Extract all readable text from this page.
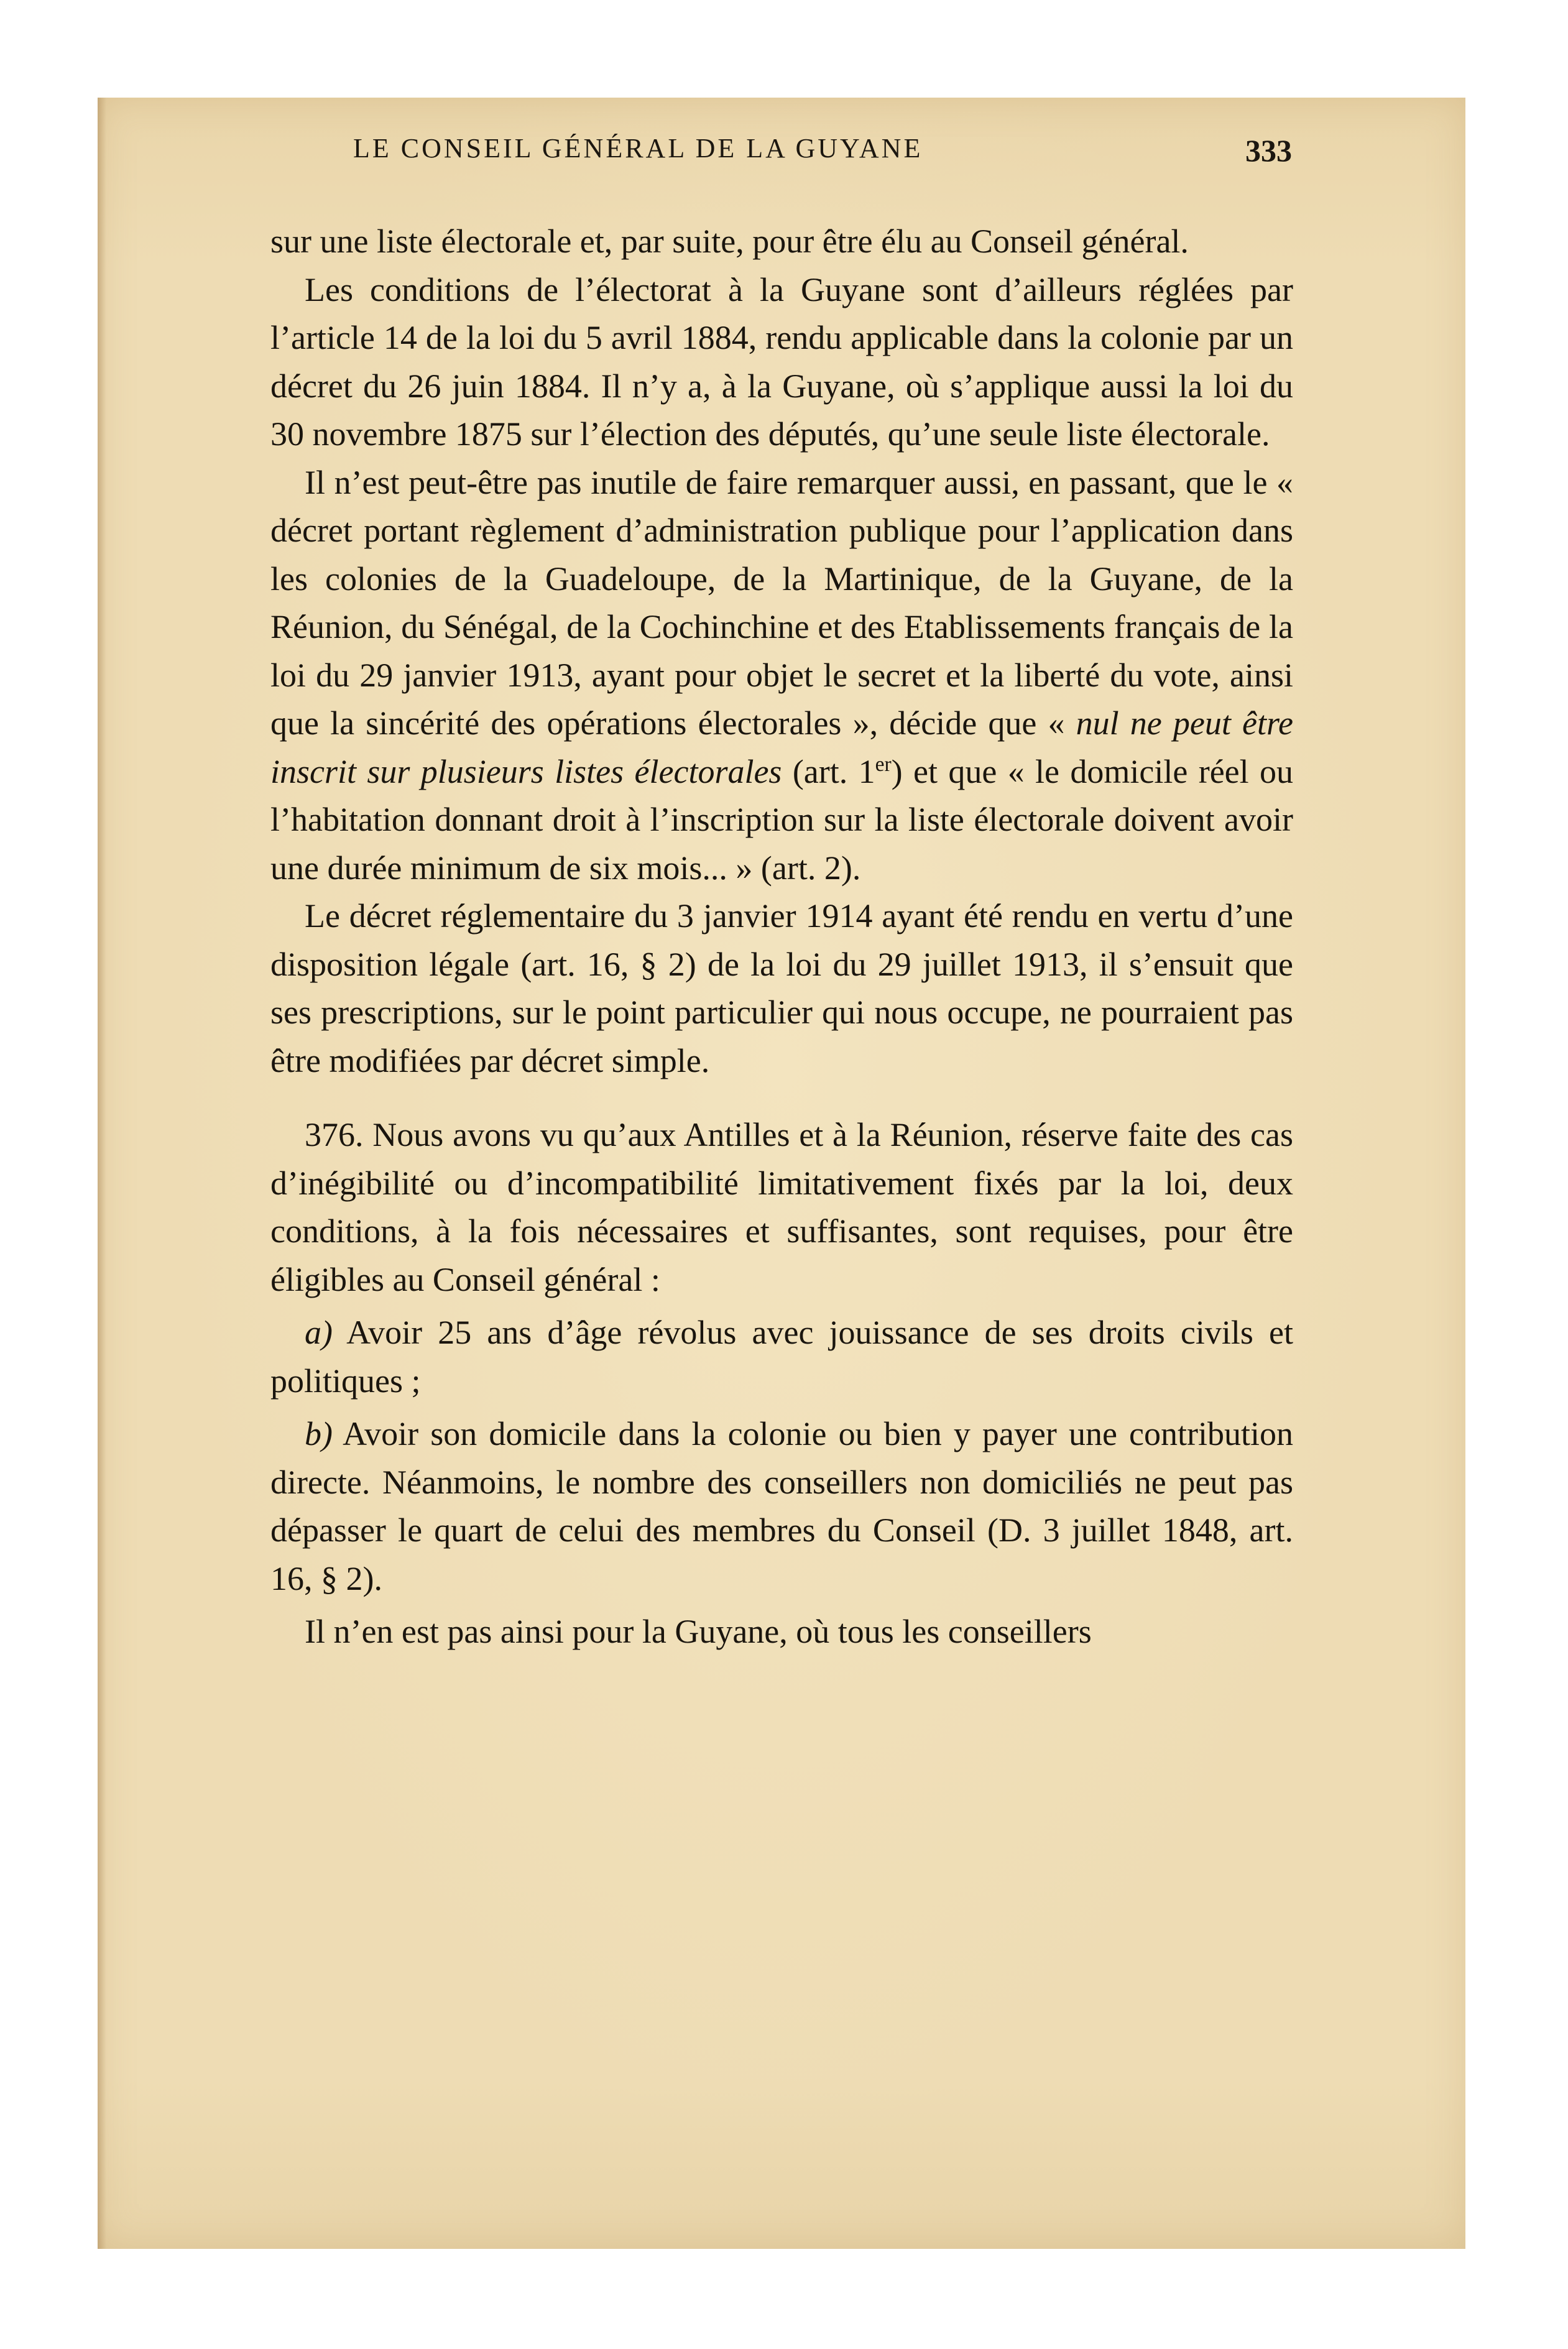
LE CONSEIL GÉNÉRAL DE LA GUYANE	333

sur une liste électorale et, par suite, pour être élu au Conseil général.

Les conditions de l’électorat à la Guyane sont d’ailleurs réglées par l’article 14 de la loi du 5 avril 1884, rendu applicable dans la colonie par un décret du 26 juin 1884. Il n’y a, à la Guyane, où s’applique aussi la loi du 30 novembre 1875 sur l’élection des députés, qu’une seule liste électorale.

Il n’est peut-être pas inutile de faire remarquer aussi, en passant, que le « décret portant règlement d’administration publique pour l’application dans les colonies de la Guadeloupe, de la Martinique, de la Guyane, de la Réunion, du Sénégal, de la Cochinchine et des Etablissements français de la loi du 29 janvier 1913, ayant pour objet le secret et la liberté du vote, ainsi que la sincérité des opérations électorales », décide que « nul ne peut être inscrit sur plusieurs listes électorales (art. 1er) et que « le domicile réel ou l’habitation donnant droit à l’inscription sur la liste électorale doivent avoir une durée minimum de six mois... » (art. 2).

Le décret réglementaire du 3 janvier 1914 ayant été rendu en vertu d’une disposition légale (art. 16, § 2) de la loi du 29 juillet 1913, il s’ensuit que ses prescriptions, sur le point particulier qui nous occupe, ne pourraient pas être modifiées par décret simple.

376. Nous avons vu qu’aux Antilles et à la Réunion, réserve faite des cas d’inégibilité ou d’incompatibilité limitativement fixés par la loi, deux conditions, à la fois nécessaires et suffisantes, sont requises, pour être éligibles au Conseil général :

a) Avoir 25 ans d’âge révolus avec jouissance de ses droits civils et politiques ;

b) Avoir son domicile dans la colonie ou bien y payer une contribution directe. Néanmoins, le nombre des conseillers non domiciliés ne peut pas dépasser le quart de celui des membres du Conseil (D. 3 juillet 1848, art. 16, § 2).

Il n’en est pas ainsi pour la Guyane, où tous les conseillers
